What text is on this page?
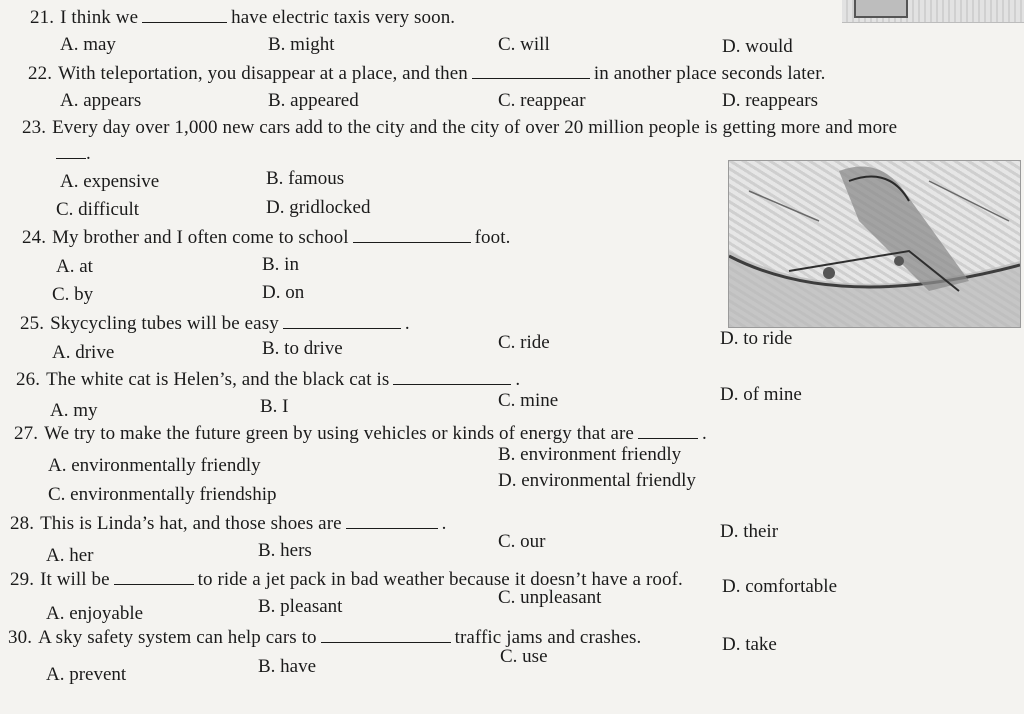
21. I think we	have electric taxis very soon.
A. may	B. might	C. will	D. would
22. With teleportation, you disappear at a place, and then	in another place seconds later.
A. appears	B. appeared	C. reappear	D. reappears
23. Every day over 1,000 new cars add to the city and the city of over 20 million people is getting more and more
.
A. expensive	B. famous
C. difficult	D. gridlocked
24. My brother and I often come to school	foot.
A. at	B. in
C. by	D. on
25. Skycycling tubes will be easy	.
A. drive	B. to drive	C. ride	D. to ride
26. The white cat is Helen’s, and the black cat is	.
A. my	B. I	C. mine	D. of mine
27. We try to make the future green by using vehicles or kinds of energy that are	.
A. environmentally friendly
B. environment friendly
C. environmentally friendship
D. environmental friendly
28. This is Linda’s hat, and those shoes are	.
A. her	B. hers	C. our	D. their
29. It will be	to ride a jet pack in bad weather because it doesn’t have a roof.
A. enjoyable	B. pleasant	C. unpleasant
D. comfortable
30. A sky safety system can help cars to	traffic jams and crashes.
A. prevent	B. have	C. use
D. take
